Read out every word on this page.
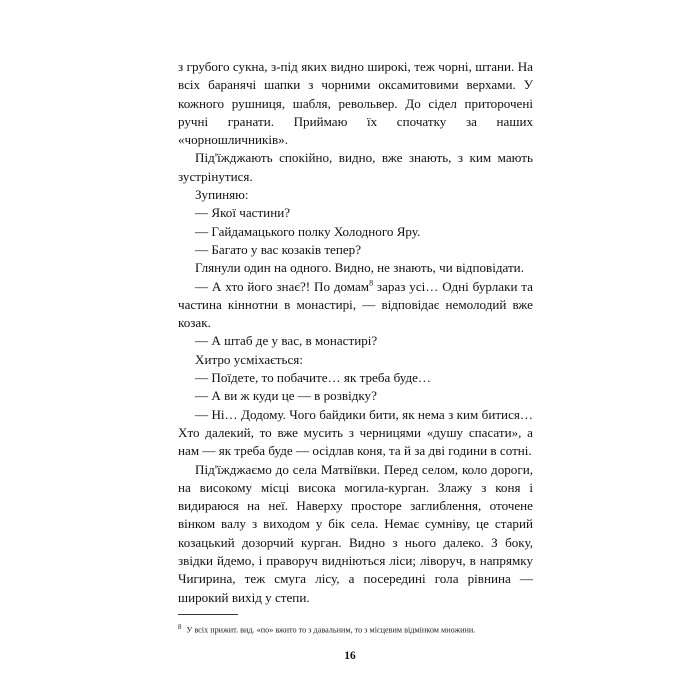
з грубого сукна, з-під яких видно широкі, теж чорні, штани. На всіх баранячі шапки з чорними оксамитовими верхами. У кожного рушниця, шабля, револьвер. До сідел приторочені ручні гранати. Приймаю їх спочатку за наших «чорношличників».

Під'їжджають спокійно, видно, вже знають, з ким мають зустрінутися.

Зупиняю:

— Якої частини?

— Гайдамацького полку Холодного Яру.

— Багато у вас козаків тепер?

Глянули один на одного. Видно, не знають, чи відповідати.

— А хто його знає?! По домам$^8$ зараз усі… Одні бурлаки та частина кіннотни в монастирі, — відповідає немолодий вже козак.

— А штаб де у вас, в монастирі?

Хитро усміхається:

— Поїдете, то побачите… як треба буде…

— А ви ж куди це — в розвідку?

— Ні… Додому. Чого байдики бити, як нема з ким битися… Хто далекий, то вже мусить з черницями «душу спасати», а нам — як треба буде — осідлав коня, та й за дві години в сотні.

Під'їжджаємо до села Матвіївки. Перед селом, коло дороги, на високому місці висока могила-курган. Злажу з коня і видираюся на неї. Наверху просторе заглиблення, оточене вінком валу з виходом у бік села. Немає сумніву, це старий козацький дозорчий курган. Видно з нього далеко. З боку, звідки йдемо, і праворуч видніються ліси; ліворуч, в напрямку Чигирина, теж смуга лісу, а посередині гола рівнина — широкий вихід у степи.

8 У всіх прижит. вид. «по» вжито то з давальним, то з місцевим відмінком множини.

16
